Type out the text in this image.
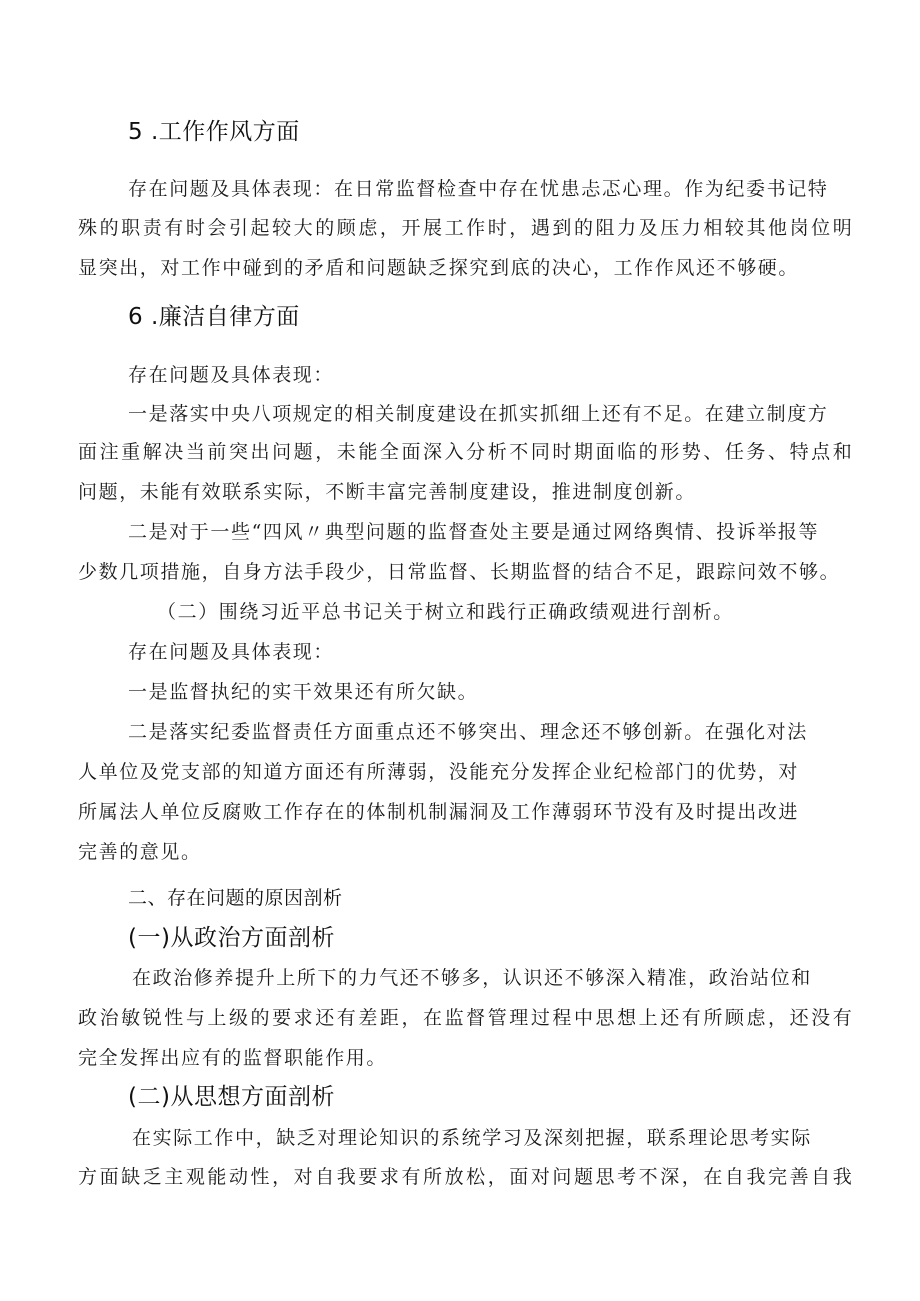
5 .工作作风方面
存在问题及具体表现：在日常监督检查中存在忧患忐忑心理。作为纪委书记特
殊 的 职 责 有 时 会 引 起 较 大 的 顾 虑 ， 开 展 工 作 时 ， 遇 到 的 阻 力 及 压 力 相 较 其 他 岗 位 明
显突出，对工作中碰到的矛盾和问题缺乏探究到底的决心，工作作风还不够硬。
6 .廉洁自律方面
存在问题及具体表现：
一是落实中央八项规定的相关制度建设在抓实抓细上还有不足。在建立制度方
面 注 重 解 决 当 前 突 出 问 题 ， 未 能 全 面 深 入 分 析 不 同 时 期 面 临 的 形 势 、 任 务 、 特 点 和
问题，未能有效联系实际，不断丰富完善制度建设，推进制度创新。
二是对于一些“四风〃典型问题的监督查处主要是通过网络舆情、投诉举报等
少数几项措施，自身方法手段少，日常监督、长期监督的结合不足，跟踪问效不够。
（二）围绕习近平总书记关于树立和践行正确政绩观进行剖析。
存在问题及具体表现：
一是监督执纪的实干效果还有所欠缺。
二是落实纪委监督责任方面重点还不够突出、理念还不够创新。在强化对法
人单位及党支部的知道方面还有所薄弱，没能充分发挥企业纪检部门的优势，对
所属法人单位反腐败工作存在的体制机制漏洞及工作薄弱环节没有及时提出改进
完善的意见。
二、存在问题的原因剖析
(一)从政治方面剖析
在政治修养提升上所下的力气还不够多，认识还不够深入精准，政治站位和
政 治 敏 锐 性 与 上 级 的 要 求 还 有 差 距 ， 在 监 督 管 理 过 程 中 思 想 上 还 有 所 顾 虑 ， 还 没 有
完全发挥出应有的监督职能作用。
(二)从思想方面剖析
在实际工作中，缺乏对理论知识的系统学习及深刻把握，联系理论思考实际
方 面 缺 乏 主 观 能 动 性 ， 对 自 我 要 求 有 所 放 松 ， 面 对 问 题 思 考 不 深 ， 在 自 我 完 善 自 我
